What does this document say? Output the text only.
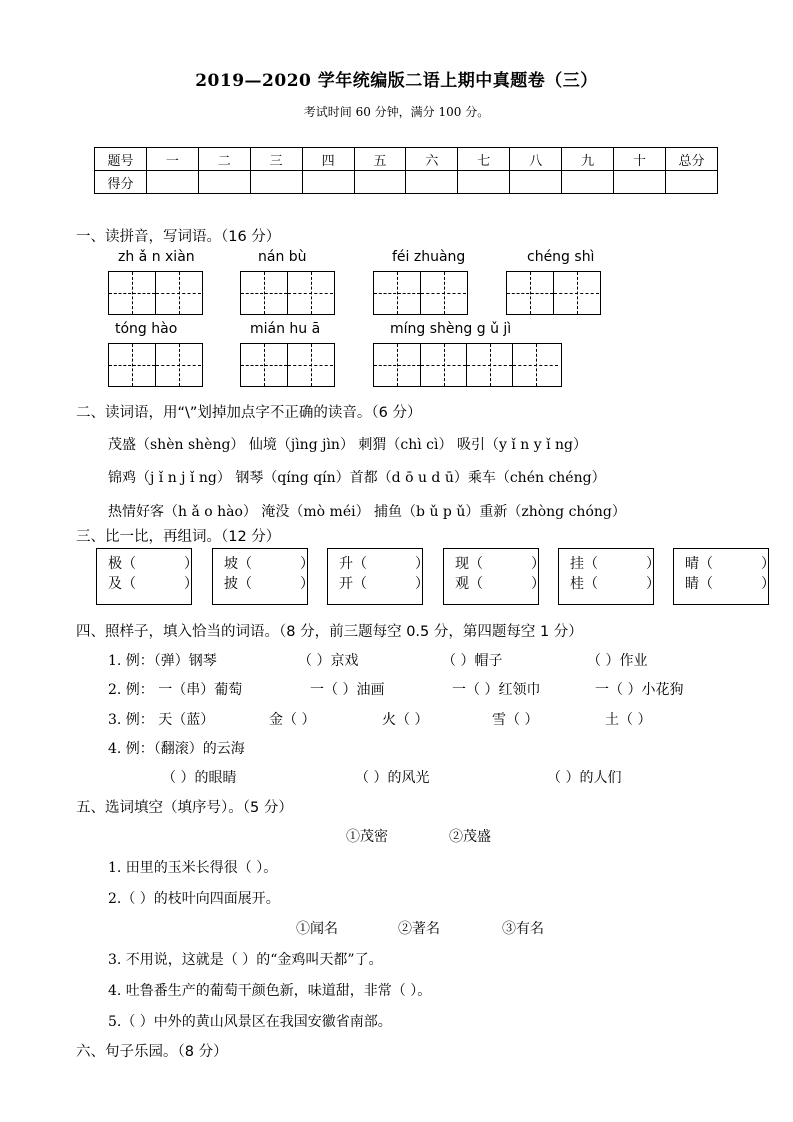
2019—2020 学年统编版二语上期中真题卷（三）
考试时间 60 分钟，满分 100 分。
题号	一	二	三	四	五	六	七	八	九	十	总分
得分											
一、读拼音，写词语。（16 分）
zh ǎ n xiàn	nán bù	féi zhuàng	chéng shì
tóng hào	mián hu ā	míng shèng g ǔ jì
二、读词语，用“\”划掉加点字不正确的读音。（6 分）
茂盛（shèn shèng） 仙境（jìng jìn） 刺猬（chì cì） 吸引（y ǐ n y ǐ ng）
锦鸡（j ǐ n j ǐ ng） 钢琴（qíng qín）首都（d ō u d ū）乘车（chén chéng）
热情好客（h ǎ o hào） 淹没（mò méi） 捕鱼（b ǔ p ǔ）重新（zhòng chóng）
三、比一比，再组词。（12 分）
极（	）
及（	）
坡（	）
披（	）
升（	）
开（	）
现（	）
观（	）
挂（	）
桂（	）
晴（	）
睛（	）
四、照样子，填入恰当的词语。（8 分，前三题每空 0.5 分，第四题每空 1 分）
1. 例：（弹）钢琴	（ ）京戏	（ ）帽子	（ ）作业
2. 例： 一（串）葡萄	一（ ）油画	一（ ）红领巾	一（ ）小花狗
3. 例： 天（蓝）	金（ ）	火（ ）	雪（ ）	土（ ）
4. 例：（翻滚）的云海
（ ）的眼睛	（ ）的风光	（ ）的人们
五、选词填空（填序号）。（5 分）
①茂密	②茂盛
1. 田里的玉米长得很（ ）。
2.（ ）的枝叶向四面展开。
①闻名	②著名	③有名
3. 不用说，这就是（ ）的“金鸡叫天都”了。
4. 吐鲁番生产的葡萄干颜色新，味道甜，非常（ ）。
5.（ ）中外的黄山风景区在我国安徽省南部。
六、句子乐园。（8 分）
